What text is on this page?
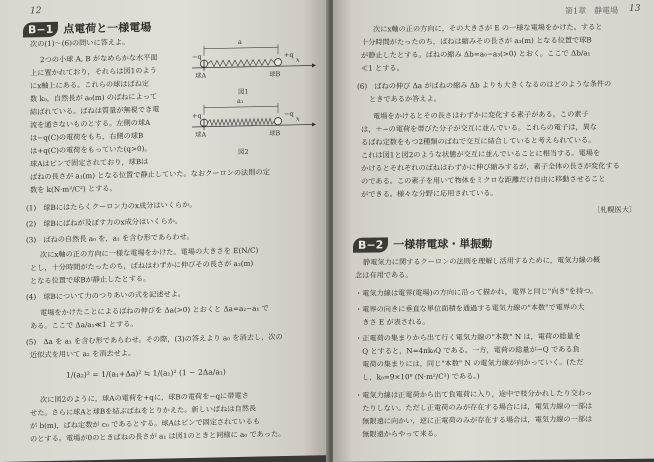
12
B−1 点電荷と一様電場
a
−q	+q
x
球A	球B
図1
a₁
+q	−q
x
球A	球B
図2
次の(1)〜(6)の問いに答えよ。
2つの小球 A, B がなめらかな水平面
上に置かれており，それらは図1のよう
にx軸上にある。これらの球はばね定
数 k₀，自然長が a₀(m) のばねによって
結ばれている。ばねは質量が無視でき電
流を通さないものとする。左側の球A
は−q(C)の電荷をもち，右側の球B
は+q(C)の電荷をもっていた(q>0)。
球Aはピンで固定されており，球Bは
ばねの長さが a₁(m) となる位置で静止していた。なおクーロンの法則の定
数を k(N·m²/C²) とする。
(1)　球Bにはたらくクーロン力のx成分はいくらか。
(2)　球Bにばねが及ぼす力のx成分はいくらか。
(3)　ばねの自然長 a₀ を，a₁ を含む形であらわせ。
次にx軸の正の方向に一様な電場をかけた。電場の大きさを E(N/C)
とし，十分時間がたったのち，ばねはわずかに伸びその長さが a₂(m)
となる位置で球Bが静止したとする。
(4)　球Bについて力のつりあいの式を記述せよ。
電場をかけたことによるばねの伸びを Δa(>0) とおくと Δa=a₂−a₁ で
ある。ここで Δa/a₁≪1 とする。
(5)　Δa を a₁ を含む形であらわせ。その際，(3)の答えより a₀ を消去し，次の
近似式を用いて a₂ を消去せよ。
1/(a₂)² = 1/(a₁+Δa)² ≒ 1/(a₁)² (1 − 2Δa/a₁)
次に図2のように，球Aの電荷を+qに，球Bの電荷を−qに帯電さ
せた。さらに球Aと球Bを結ぶばねをとりかえた。新しいばねは自然長
が b(m)，ばね定数が c₀ であるとする。球Aはピンで固定されているも
のとする。電場が0のときばねの長さが a₁ は図1のときと同様に a₀ であった。
第1章　静電場 13
次にx軸の正の方向に，その大きさが E の一様な電場をかけた。すると
十分時間がたったのち，ばねは縮みその長さが a₃(m) となる位置で球B
が静止したとする。ばねの縮み Δb=a₀−a₃(>0) とおく。ここで Δb/a₁
≪1 とする。
(6)　ばねの伸び Δa がばねの縮み Δb よりも大きくなるのはどのような条件の
ときであるか答えよ。
電場をかけるとその長さはわずかに変化する素子がある。この素子
は，＋−の電荷を帯びた分子が交互に並んでいる。これらの電子は，異な
るばね定数をもつ2種類のばねで交互に結合していると考えられている。
これは図1と図2のような状態が交互に並んでいることに相当する。電場を
かけるとそれぞれのばねはわずかに伸び縮みするが，素子全体の長さが変化する
のである。この素子を用いて物体をミクロな距離だけ自由に移動させること
ができる。様々な分野に応用されている。
〔札幌医大〕
B−2 一様帯電球・単振動
静電気力に関するクーロンの法則を理解し活用するために，電気力線の概
念は有用である。
・電気力線は電界(電場)の方向に沿って描かれ，電界と同じ"向き"を持つ。
・電界の向きに垂直な単位面積を通過する電気力線の"本数"で電界の大
　きさ E が表される。
・正電荷の集まりから出て行く電気力線の"本数" N は，電荷の総量を
　Q とすると，N=4πk₀Q である。一方，電荷の総量が−Q である負
　電荷の集まりには，同じ"本数" N の電気力線が向かっていく。(ただ
　し，k₀=9×10⁹ (N·m²/C²) である。)
・電気力線は正電荷から出て負電荷に入り，途中で枝分かれしたり交わっ
　たりしない。ただし正電荷のみが存在する場合には，電気力線の一部は
　無限遠に向かい，逆に正電荷のみが存在する場合は，電気力線の一部は
　無限遠からやって来る。
